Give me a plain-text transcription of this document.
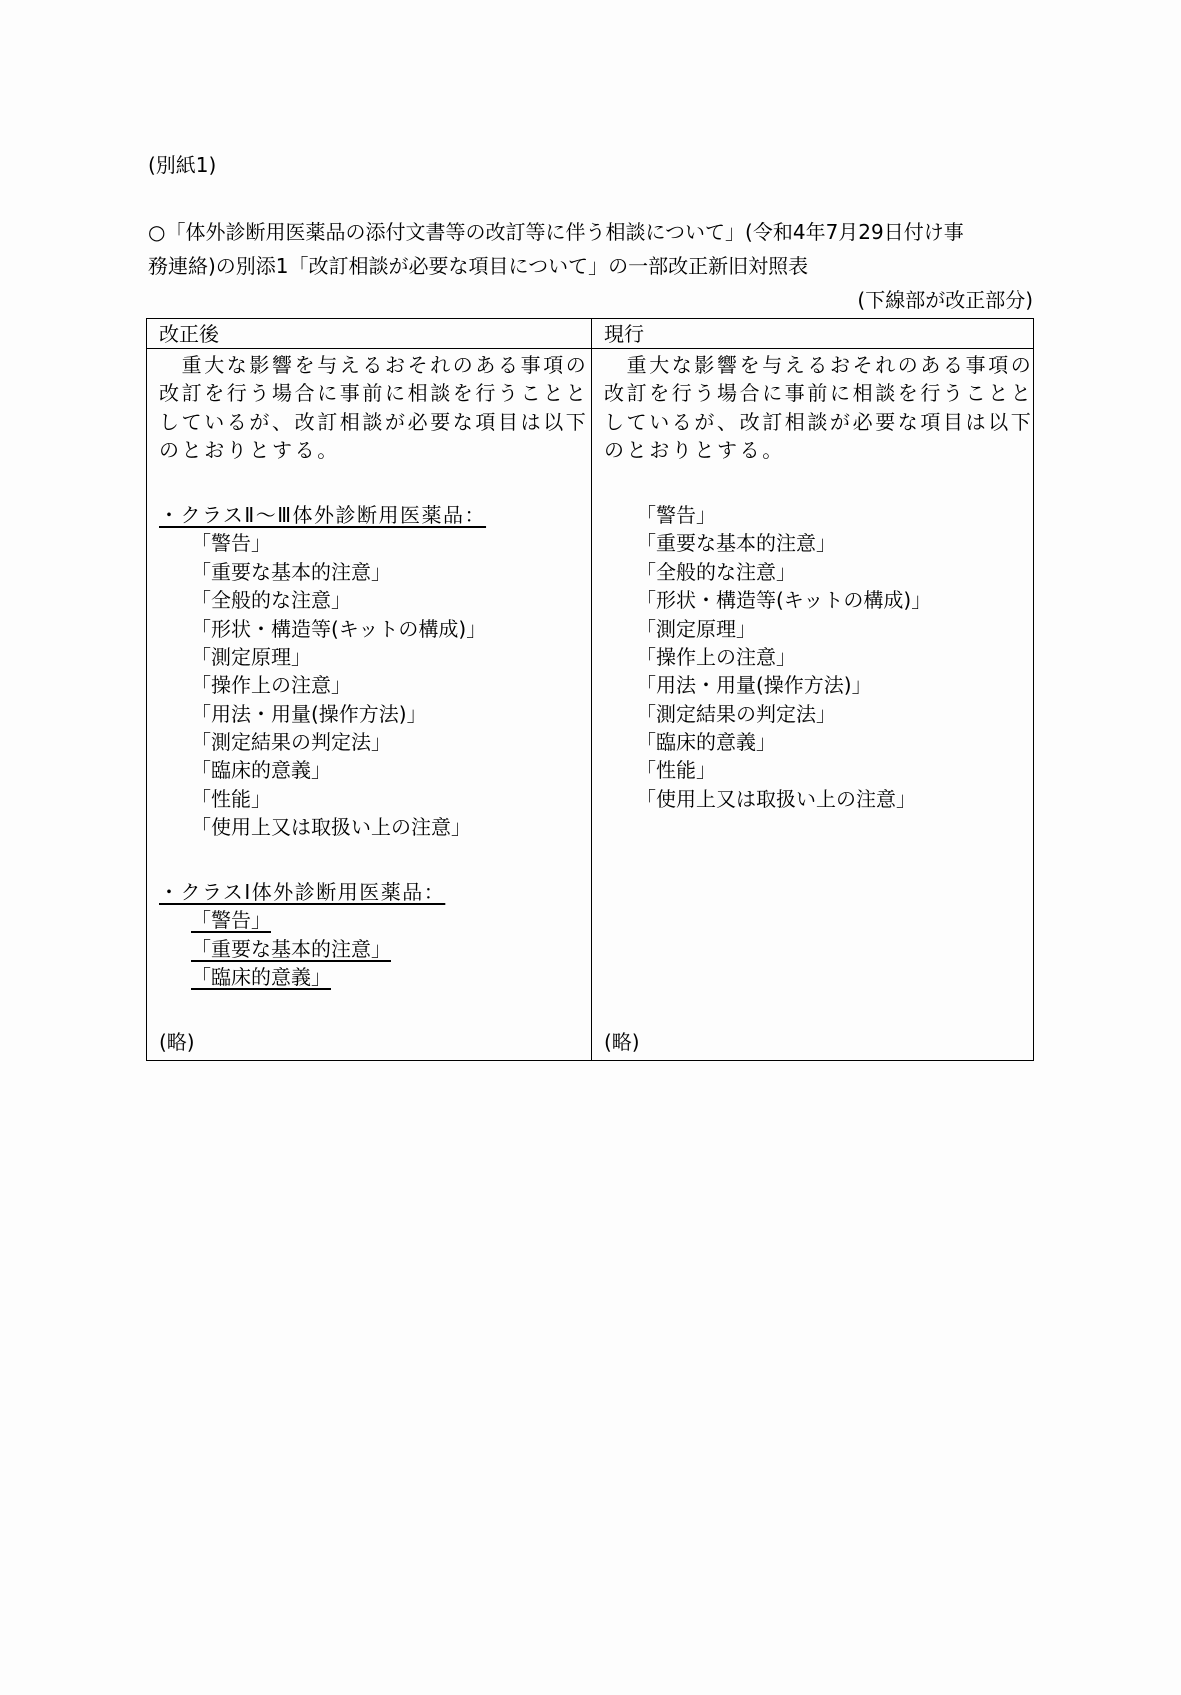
(別紙1)
○「体外診断用医薬品の添付文書等の改訂等に伴う相談について」(令和4年7月29日付け事
務連絡)の別添1「改訂相談が必要な項目について」の一部改正新旧対照表
(下線部が改正部分)
改正後
　重大な影響を与えるおそれのある事項の
改訂を行う場合に事前に相談を行うことと
しているが、改訂相談が必要な項目は以下
のとおりとする。
・クラスⅡ〜Ⅲ体外診断用医薬品：
「警告」
「重要な基本的注意」
「全般的な注意」
「形状・構造等(キットの構成)」
「測定原理」
「操作上の注意」
「用法・用量(操作方法)」
「測定結果の判定法」
「臨床的意義」
「性能」
「使用上又は取扱い上の注意」
・クラスⅠ体外診断用医薬品：
「警告」
「重要な基本的注意」
「臨床的意義」
(略)
現行
　重大な影響を与えるおそれのある事項の
改訂を行う場合に事前に相談を行うことと
しているが、改訂相談が必要な項目は以下
のとおりとする。
「警告」
「重要な基本的注意」
「全般的な注意」
「形状・構造等(キットの構成)」
「測定原理」
「操作上の注意」
「用法・用量(操作方法)」
「測定結果の判定法」
「臨床的意義」
「性能」
「使用上又は取扱い上の注意」
(略)
